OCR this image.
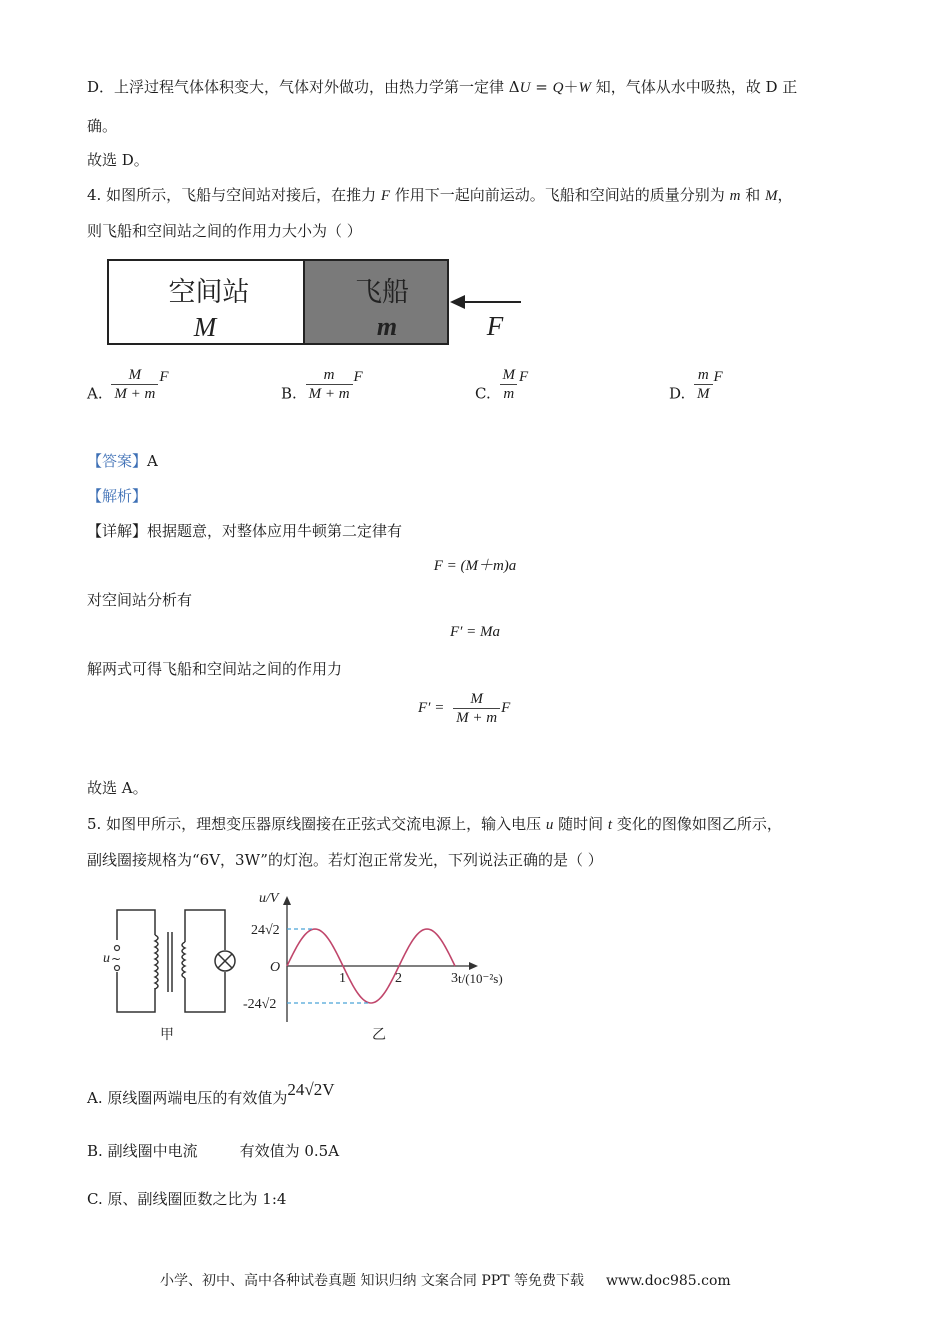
D．上浮过程气体体积变大，气体对外做功，由热力学第一定律 ΔU = Q＋W 知，气体从水中吸热，故 D 正
确。
故选 D。
4. 如图所示，飞船与空间站对接后，在推力 F 作用下一起向前运动。飞船和空间站的质量分别为 m 和 M，
则飞船和空间站之间的作用力大小为（ ）
空间站
M
飞船
m	F
A. $\frac{M}{M + m}$ F
B. $\frac{m}{M + m}$ F
C. $\frac{M}{m}$ F
D. $\frac{m}{M}$ F
【答案】A
【解析】
【详解】根据题意，对整体应用牛顿第二定律有
F = (M＋m)a
对空间站分析有
F′ = Ma
解两式可得飞船和空间站之间的作用力
$F' = \frac{M}{M + m}$ F
故选 A。
5. 如图甲所示，理想变压器原线圈接在正弦式交流电源上，输入电压 u 随时间 t 变化的图像如图乙所示，
副线圈接规格为“6V，3W”的灯泡。若灯泡正常发光，下列说法正确的是（ ）
u ~
甲
u/V
24√2
-24√2
O
1	2	3 t/(10⁻²s)
乙
A. 原线圈两端电压的有效值为24√2V
B. 副线圈中电流	有效值为 0.5A
C. 原、副线圈匝数之比为 1:4
小学、初中、高中各种试卷真题 知识归纳 文案合同 PPT 等免费下载 www.doc985.com
